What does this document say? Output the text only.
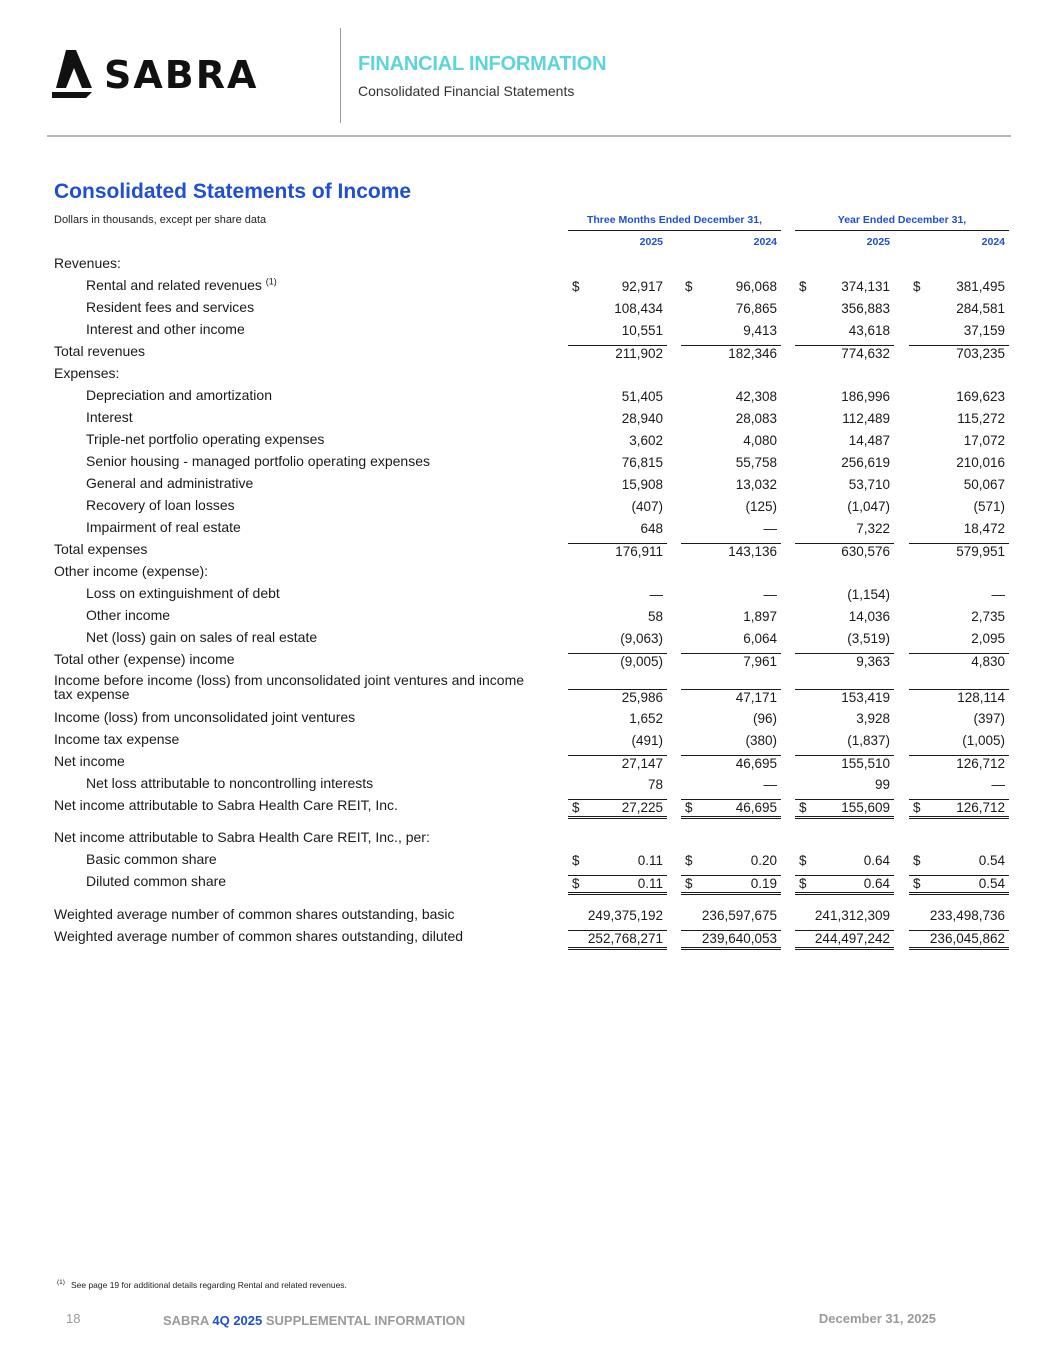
SABRA	FINANCIAL INFORMATION
Consolidated Financial Statements
Consolidated Statements of Income
Dollars in thousands, except per share data	Three Months Ended December 31,	Year Ended December 31,
2025	2024	2025	2024
Revenues:
Rental and related revenues $^{(1)}$	$	92,917 $	96,068 $	374,131 $	381,495
Resident fees and services	108,434	76,865	356,883	284,581
Interest and other income	10,551	9,413	43,618	37,159
Total revenues	211,902	182,346	774,632	703,235
Expenses:
Depreciation and amortization	51,405	42,308	186,996	169,623
Interest	28,940	28,083	112,489	115,272
Triple-net portfolio operating expenses	3,602	4,080	14,487	17,072
Senior housing - managed portfolio operating expenses	76,815	55,758	256,619	210,016
General and administrative	15,908	13,032	53,710	50,067
Recovery of loan losses	(407)	(125)	(1,047)	(571)
Impairment of real estate	648	—	7,322	18,472
Total expenses	176,911	143,136	630,576	579,951
Other income (expense):
Loss on extinguishment of debt	—	—	(1,154)	—
Other income	58	1,897	14,036	2,735
Net (loss) gain on sales of real estate	(9,063)	6,064	(3,519)	2,095
Total other (expense) income	(9,005)	7,961	9,363	4,830
Income before income (loss) from unconsolidated joint ventures and income tax expense	25,986	47,171	153,419	128,114
Income (loss) from unconsolidated joint ventures	1,652	(96)	3,928	(397)
Income tax expense	(491)	(380)	(1,837)	(1,005)
Net income	27,147	46,695	155,510	126,712
Net loss attributable to noncontrolling interests	78	—	99	—
Net income attributable to Sabra Health Care REIT, Inc.	$	27,225 $	46,695 $	155,609 $	126,712
Net income attributable to Sabra Health Care REIT, Inc., per:
Basic common share	$	0.11 $	0.20 $	0.64 $	0.54
Diluted common share	$	0.11 $	0.19 $	0.64 $	0.54
Weighted average number of common shares outstanding, basic	249,375,192	236,597,675	241,312,309	233,498,736
Weighted average number of common shares outstanding, diluted	252,768,271	239,640,053	244,497,242	236,045,862
$^{(1)}$ See page 19 for additional details regarding Rental and related revenues.
18	SABRA 4Q 2025 SUPPLEMENTAL INFORMATION	December 31, 2025
